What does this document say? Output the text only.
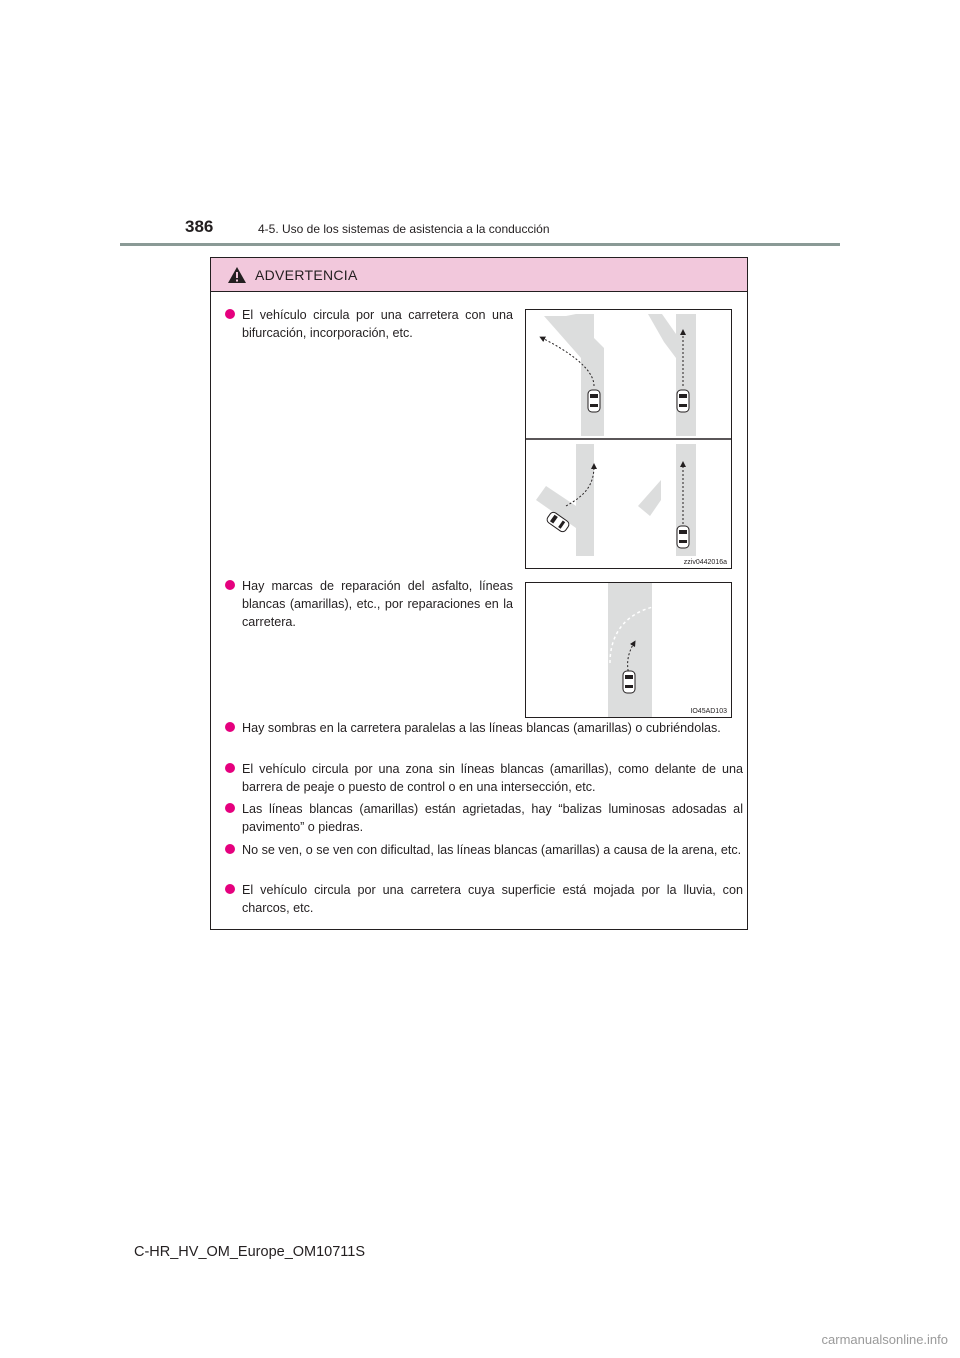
386	4-5. Uso de los sistemas de asistencia a la conducción
ADVERTENCIA
El vehículo circula por una carretera con una bifurcación, incorporación, etc.
Hay marcas de reparación del asfalto, líneas blancas (amarillas), etc., por reparaciones en la carretera.
Hay sombras en la carretera paralelas a las líneas blancas (amarillas) o cubriéndolas.
El vehículo circula por una zona sin líneas blancas (amarillas), como delante de una barrera de peaje o puesto de control o en una intersección, etc.
Las líneas blancas (amarillas) están agrietadas, hay “balizas luminosas adosadas al pavimento” o piedras.
No se ven, o se ven con dificultad, las líneas blancas (amarillas) a causa de la arena, etc.
El vehículo circula por una carretera cuya superficie está mojada por la lluvia, con charcos, etc.
zziv0442016a
IO45AD103
C-HR_HV_OM_Europe_OM10711S
carmanualsonline.info
